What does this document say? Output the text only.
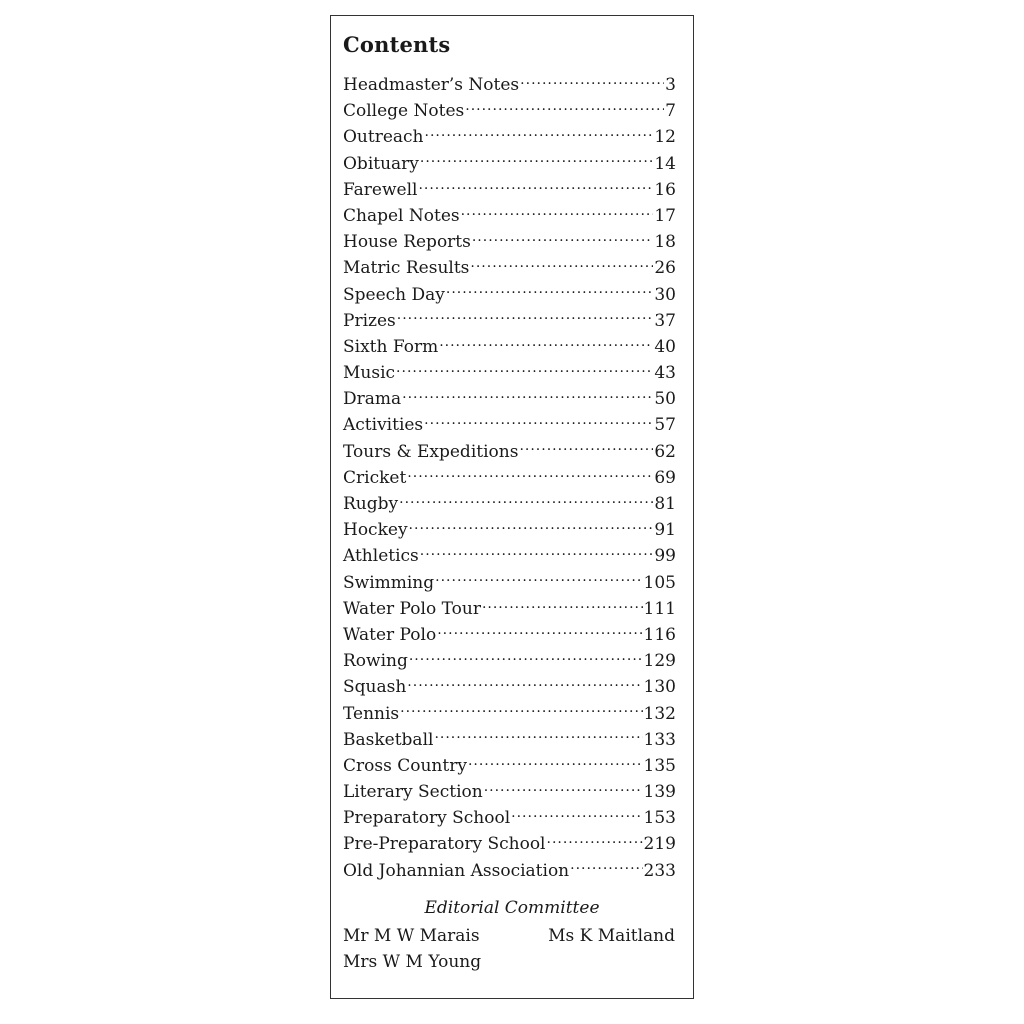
Contents
Headmaster’s Notes .....	3
College Notes .....	7
Outreach .....	12
Obituary .....	14
Farewell .....	16
Chapel Notes .....	17
House Reports .....	18
Matric Results .....	26
Speech Day .....	30
Prizes .....	37
Sixth Form .....	40
Music .....	43
Drama .....	50
Activities .....	57
Tours & Expeditions .....	62
Cricket .....	69
Rugby .....	81
Hockey .....	91
Athletics .....	99
Swimming .....	105
Water Polo Tour .....	111
Water Polo .....	116
Rowing .....	129
Squash .....	130
Tennis .....	132
Basketball .....	133
Cross Country .....	135
Literary Section .....	139
Preparatory School .....	153
Pre-Preparatory School .....	219
Old Johannian Association .....	233
Editorial Committee
Mr M W Marais	Ms K Maitland
Mrs W M Young
